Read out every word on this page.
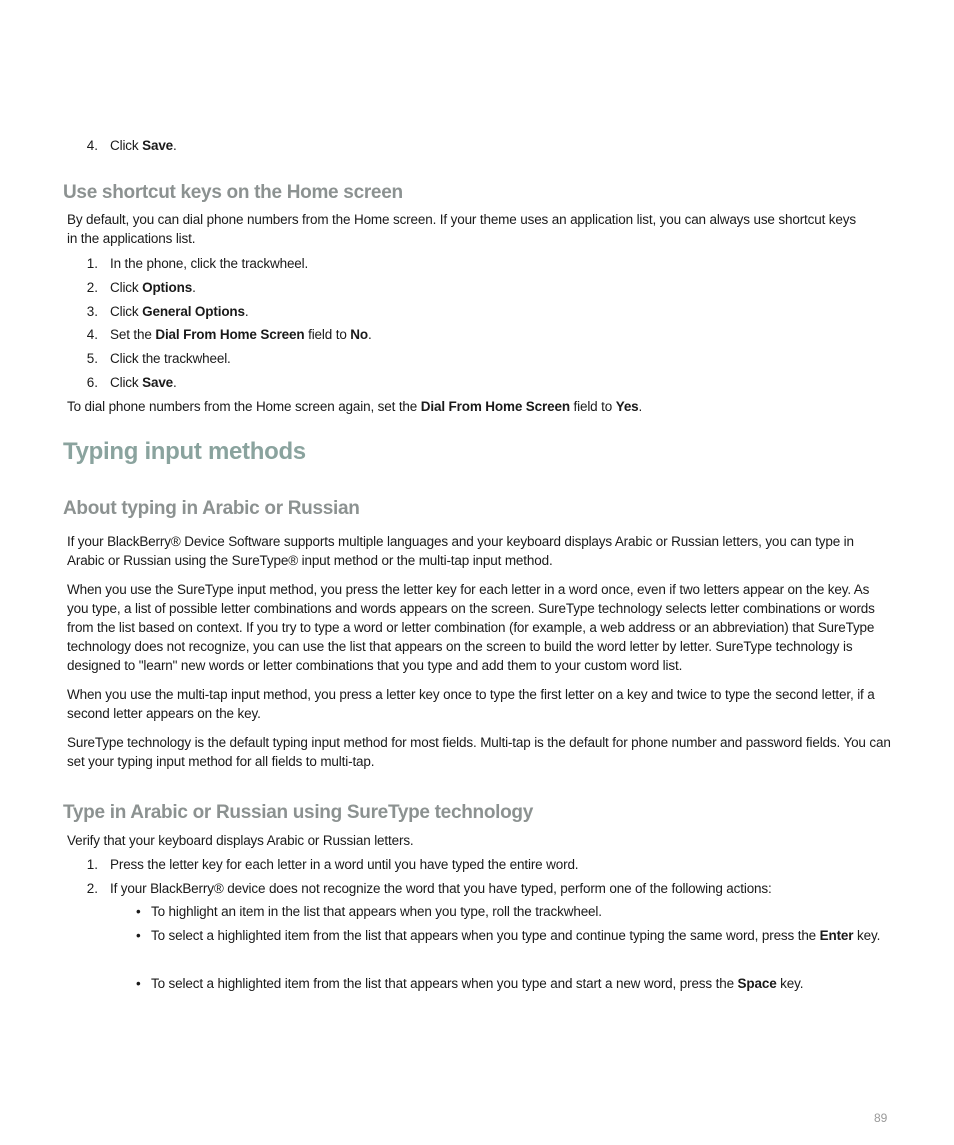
4. Click Save.
Use shortcut keys on the Home screen
By default, you can dial phone numbers from the Home screen. If your theme uses an application list, you can always use shortcut keys
in the applications list.
1. In the phone, click the trackwheel.
2. Click Options.
3. Click General Options.
4. Set the Dial From Home Screen field to No.
5. Click the trackwheel.
6. Click Save.
To dial phone numbers from the Home screen again, set the Dial From Home Screen field to Yes.
Typing input methods
About typing in Arabic or Russian
If your BlackBerry® Device Software supports multiple languages and your keyboard displays Arabic or Russian letters, you can type in Arabic or Russian using the SureType® input method or the multi-tap input method.
When you use the SureType input method, you press the letter key for each letter in a word once, even if two letters appear on the key. As you type, a list of possible letter combinations and words appears on the screen. SureType technology selects letter combinations or words from the list based on context. If you try to type a word or letter combination (for example, a web address or an abbreviation) that SureType technology does not recognize, you can use the list that appears on the screen to build the word letter by letter. SureType technology is designed to "learn" new words or letter combinations that you type and add them to your custom word list.
When you use the multi-tap input method, you press a letter key once to type the first letter on a key and twice to type the second letter, if a second letter appears on the key.
SureType technology is the default typing input method for most fields. Multi-tap is the default for phone number and password fields. You can set your typing input method for all fields to multi-tap.
Type in Arabic or Russian using SureType technology
Verify that your keyboard displays Arabic or Russian letters.
1. Press the letter key for each letter in a word until you have typed the entire word.
2. If your BlackBerry® device does not recognize the word that you have typed, perform one of the following actions:
• To highlight an item in the list that appears when you type, roll the trackwheel.
• To select a highlighted item from the list that appears when you type and continue typing the same word, press the Enter key.
• To select a highlighted item from the list that appears when you type and start a new word, press the Space key.
89
